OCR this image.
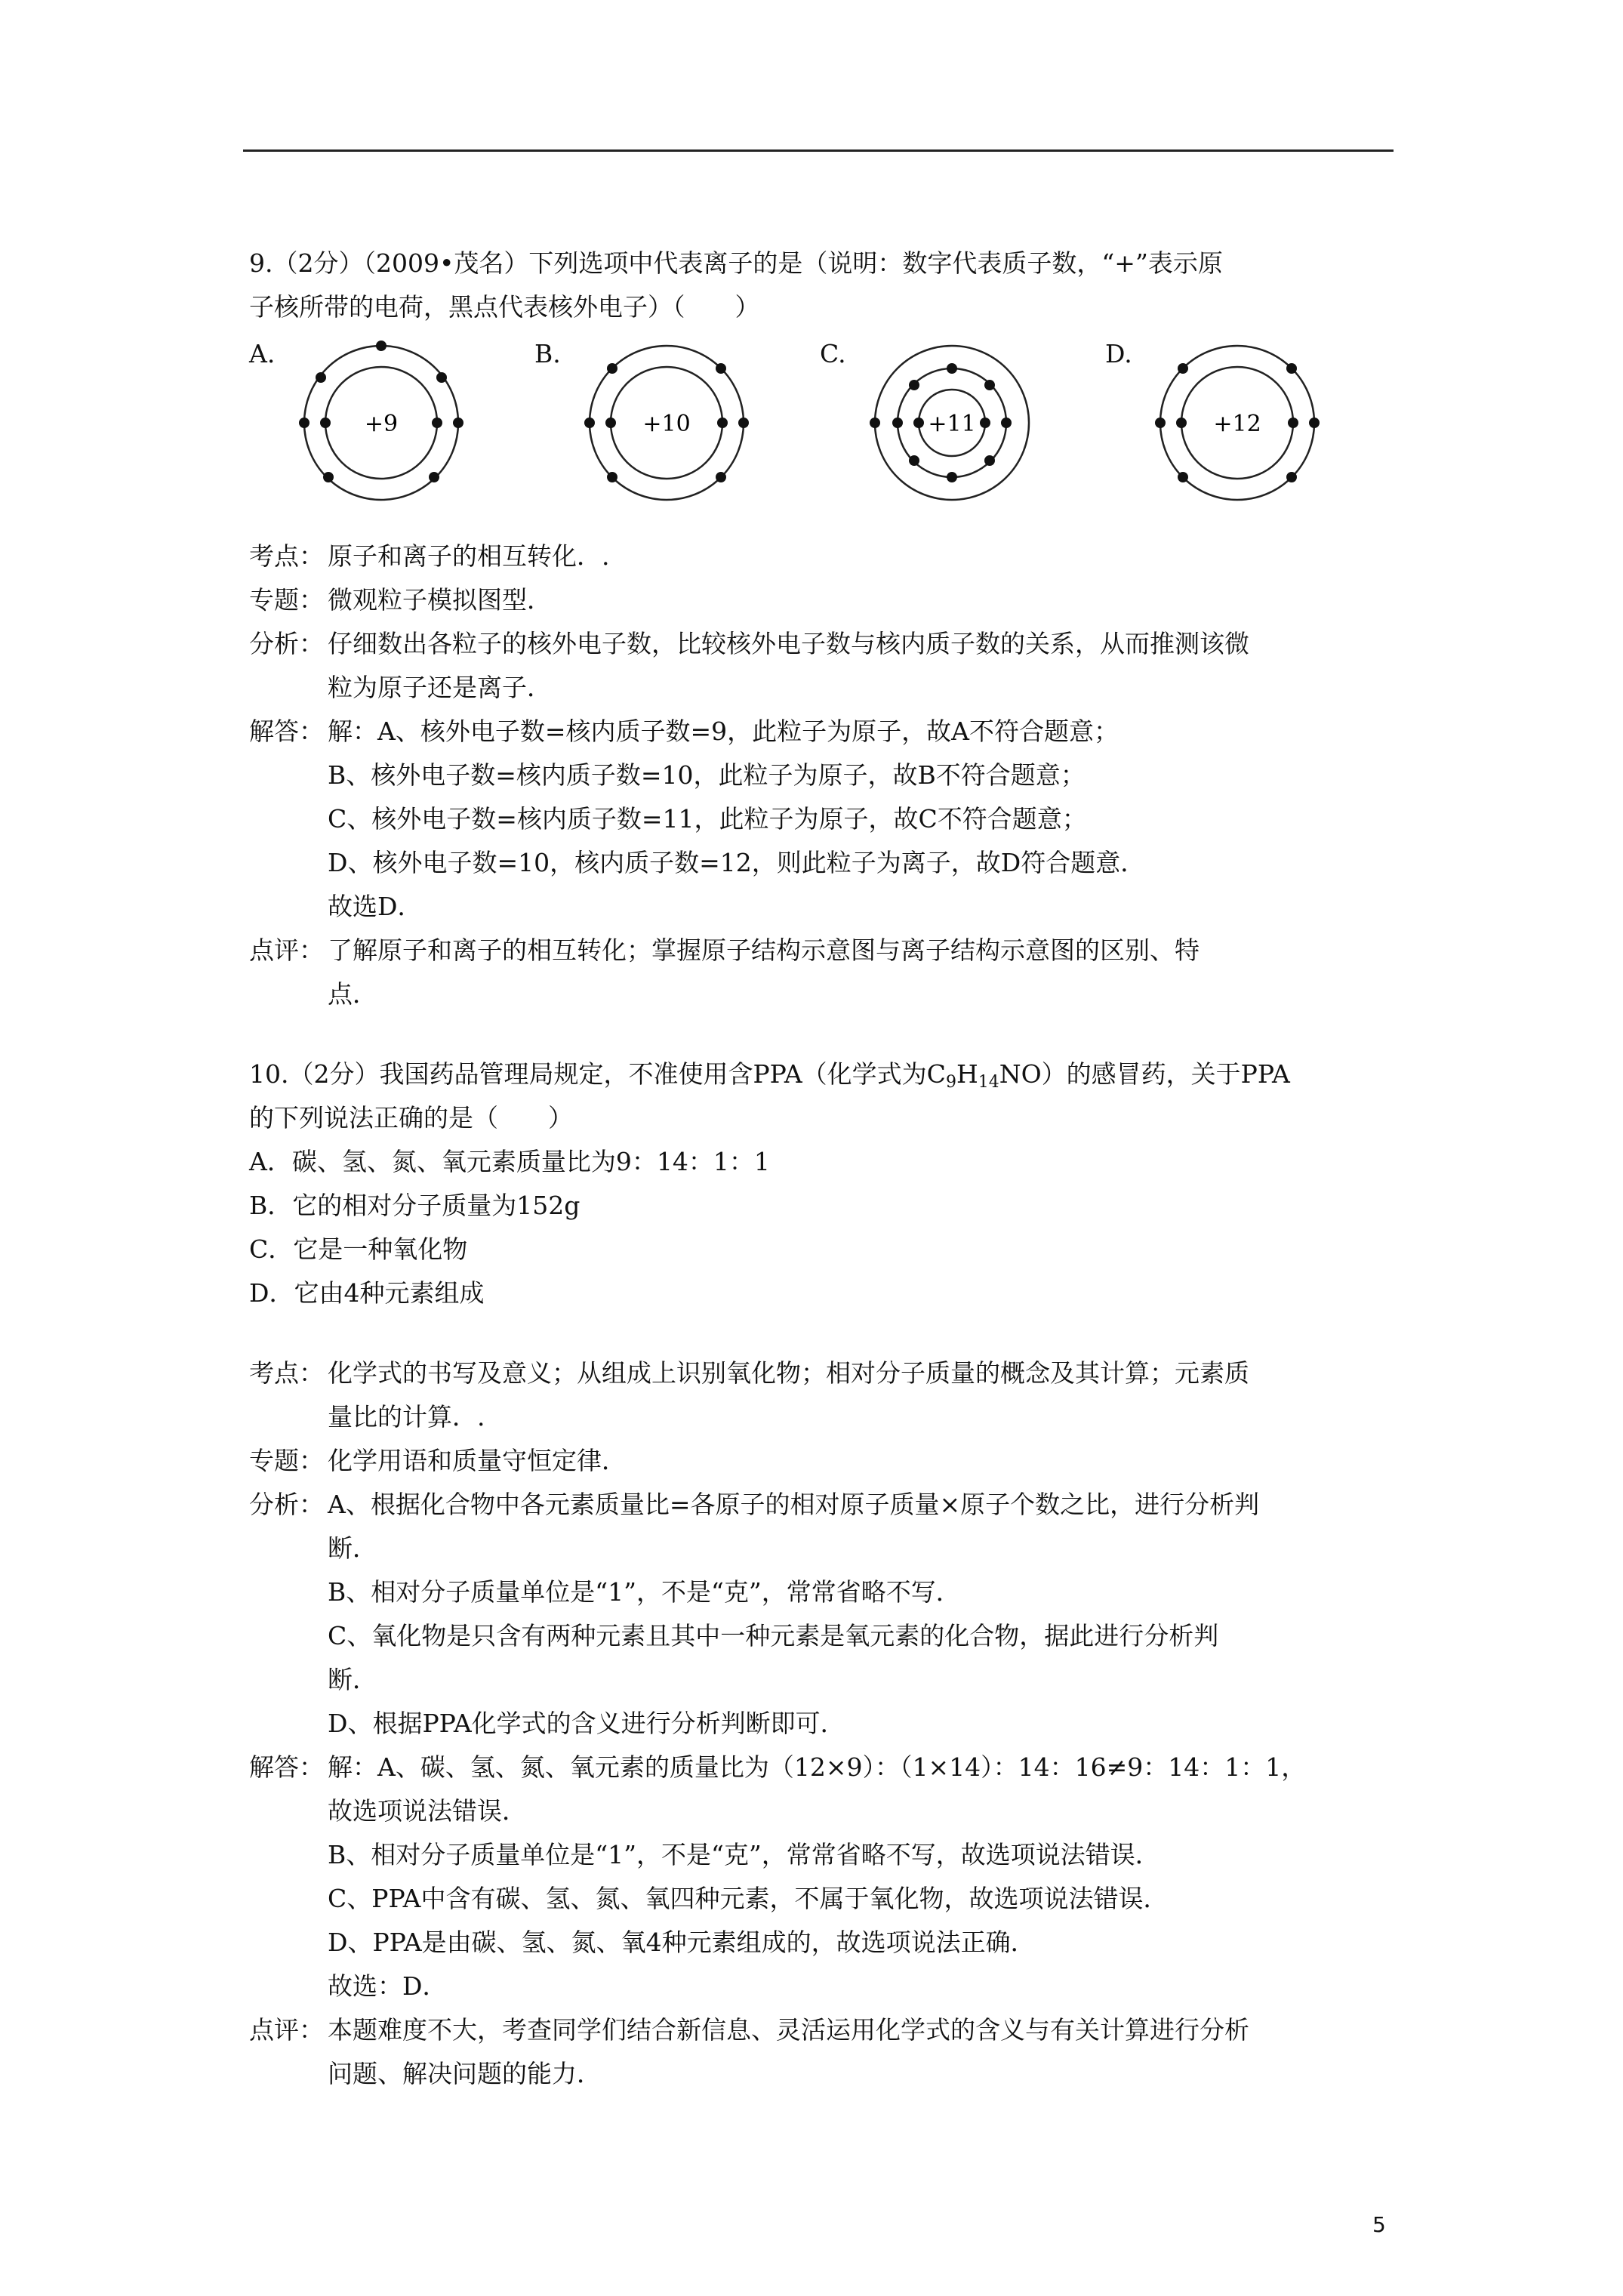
9.（2分）（2009•茂名）下列选项中代表离子的是（说明：数字代表质子数，“+”表示原

子核所带的电荷，黑点代表核外电子）（　　）

A.
+9
B.
+10
C.
+11
D.
+12
考点： 原子和离子的相互转化．.
专题： 微观粒子模拟图型．
分析： 仔细数出各粒子的核外电子数，比较核外电子数与核内质子数的关系，从而推测该微
粒为原子还是离子．
解答： 解：A、核外电子数=核内质子数=9，此粒子为原子，故A不符合题意；
B、核外电子数=核内质子数=10，此粒子为原子，故B不符合题意；
C、核外电子数=核内质子数=11，此粒子为原子，故C不符合题意；
D、核外电子数=10，核内质子数=12，则此粒子为离子，故D符合题意．
故选D．
点评： 了解原子和离子的相互转化；掌握原子结构示意图与离子结构示意图的区别、特
点．

10.（2分）我国药品管理局规定，不准使用含PPA（化学式为$C_9H_{14}NO$）的感冒药，关于PPA

的下列说法正确的是（　　）

A．碳、氢、氮、氧元素质量比为9：14：1：1
B．它的相对分子质量为152g
C．它是一种氧化物
D．它由4种元素组成
考点： 化学式的书写及意义；从组成上识别氧化物；相对分子质量的概念及其计算；元素质
量比的计算．.
专题： 化学用语和质量守恒定律．
分析： A、根据化合物中各元素质量比=各原子的相对原子质量×原子个数之比，进行分析判
断．
B、相对分子质量单位是“1”，不是“克”，常常省略不写．
C、氧化物是只含有两种元素且其中一种元素是氧元素的化合物，据此进行分析判
断．
D、根据PPA化学式的含义进行分析判断即可．
解答： 解：A、碳、氢、氮、氧元素的质量比为（12×9）：（1×14）：14：16≠9：14：1：1，
故选项说法错误．
B、相对分子质量单位是“1”，不是“克”，常常省略不写，故选项说法错误．
C、PPA中含有碳、氢、氮、氧四种元素，不属于氧化物，故选项说法错误．
D、PPA是由碳、氢、氮、氧4种元素组成的，故选项说法正确．
故选：D．
点评： 本题难度不大，考查同学们结合新信息、灵活运用化学式的含义与有关计算进行分析
问题、解决问题的能力．
5
